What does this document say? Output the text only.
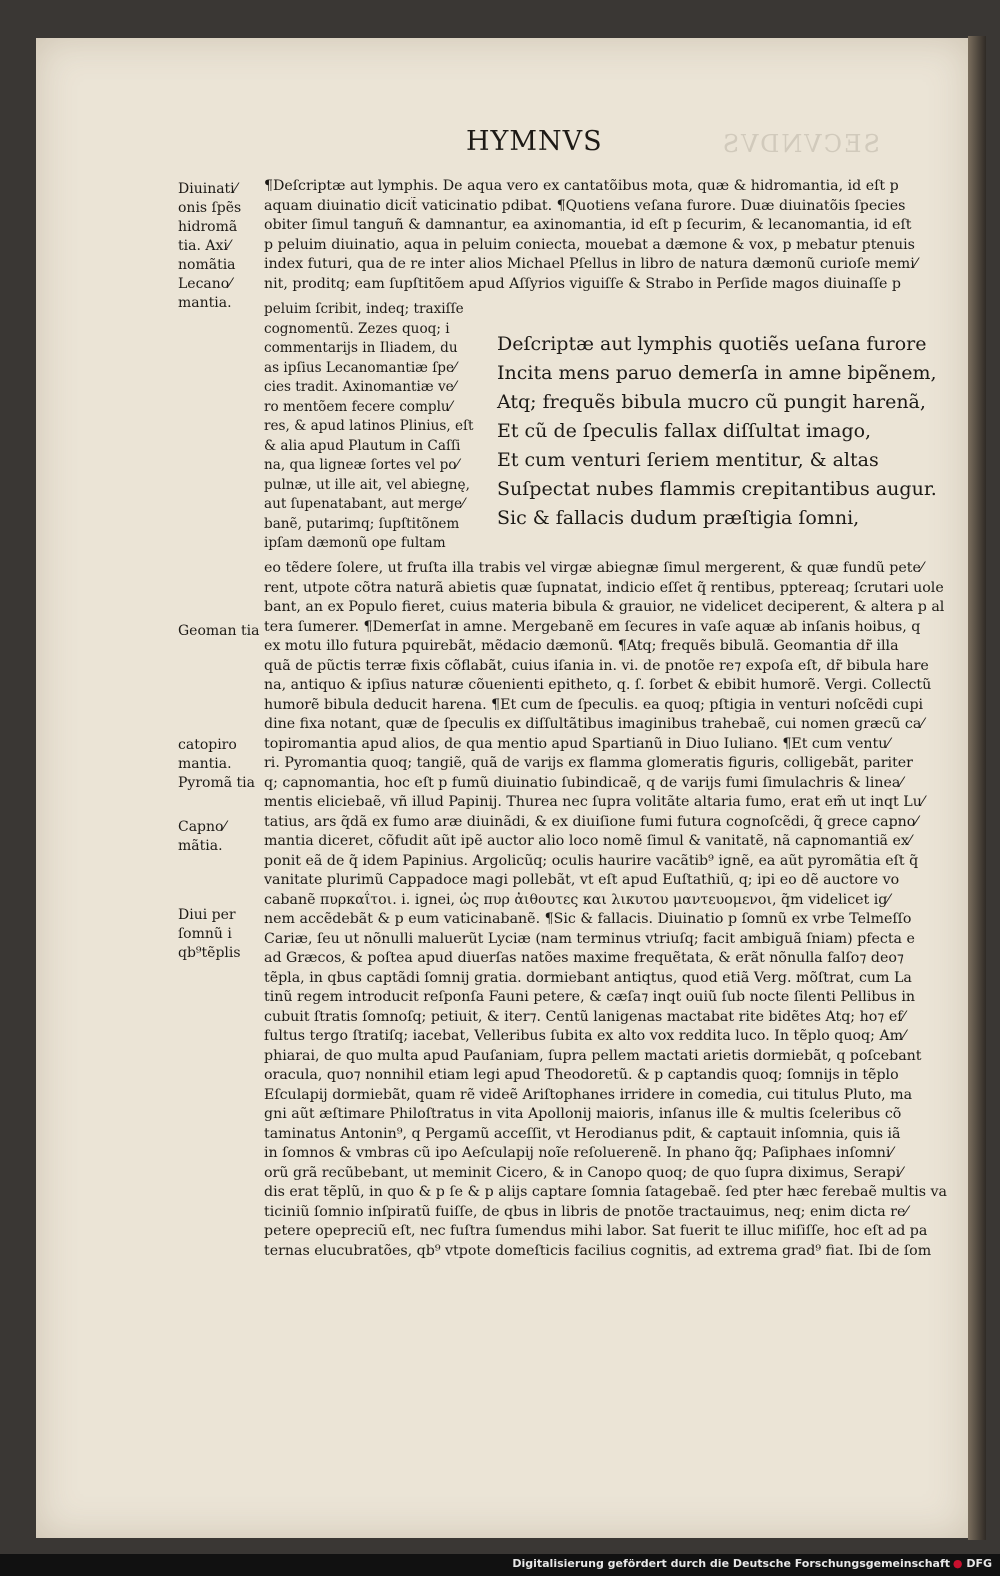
SECVNDVS
HYMNVS
Diuinati⁄ onis ſpẽs hidromã tia. Axi⁄ nomãtia Lecano⁄ mantia.
Geoman tia
catopiro mantia. Pyromã tia
Capno⁄ mãtia.
Diui per ſomnũ i qb⁹tẽplis
¶Deſcriptæ aut lymphis. De aqua vero ex cantatõibus mota, quæ & hidromantia, id eſt p
aquam diuinatio dicit̃ vaticinatio pdibat. ¶Quotiens veſana furore. Duæ diuinatõis ſpecies
obiter ſimul tanguñ & damnantur, ea axinomantia, id eſt p ſecurim, & lecanomantia, id eſt
p peluim diuinatio, aqua in peluim coniecta, mouebat a dæmone & vox, p mebatur ptenuis
index futuri, qua de re inter alios Michael Pſellus in libro de natura dæmonũ curioſe memi⁄
nit, proditq; eam ſupſtitõem apud Aſſyrios viguiſſe & Strabo in Perſide magos diuinaſſe p
peluim ſcribit, indeq; traxiſſe
cognomentũ. Zezes quoq; i
commentarijs in Iliadem, du
as ipſius Lecanomantiæ ſpe⁄
cies tradit. Axinomantiæ ve⁄
ro mentõem fecere complu⁄
res, & apud latinos Plinius, eſt
& alia apud Plautum in Caſſi
na, qua ligneæ ſortes vel po⁄
pulnæ, ut ille ait, vel abiegnę,
aut ſupenatabant, aut merge⁄
banẽ, putarimq; ſupſtitõnem
ipſam dæmonũ ope fultam
Deſcriptæ aut lymphis quotiẽs ueſana furore
Incita mens paruo demerſa in amne bipẽnem,
Atq; frequẽs bibula mucro cũ pungit harenã,
Et cũ de ſpeculis fallax diſſultat imago,
Et cum venturi ſeriem mentitur, & altas
Suſpectat nubes flammis crepitantibus augur.
Sic & fallacis dudum præſtigia ſomni,
eo tẽdere ſolere, ut fruſta illa trabis vel virgæ abiegnæ ſimul mergerent, & quæ fundũ pete⁄
rent, utpote cõtra naturã abietis quæ ſupnatat, indicio eſſet q̃ rentibus, pptereaq; ſcrutari uole
bant, an ex Populo fieret, cuius materia bibula & grauior, ne videlicet deciperent, & altera p al
tera ſumerer. ¶Demerſat in amne. Mergebanẽ em ſecures in vaſe aquæ ab inſanis hoibus, q
ex motu illo futura pquirebãt, mẽdacio dæmonũ. ¶Atq; frequẽs bibulã. Geomantia dr̃ illa
quã de pũctis terræ fixis cõflabãt, cuius iſania in. vi. de pnotõe re⁊ expoſa eſt, dr̃ bibula hare
na, antiquo & ipſius naturæ cõuenienti epitheto, q. ſ. ſorbet & ebibit humorẽ. Vergi. Collectũ
humorẽ bibula deducit harena. ¶Et cum de ſpeculis. ea quoq; pſtigia in venturi noſcẽdi cupi
dine fixa notant, quæ de ſpeculis ex diſſultãtibus imaginibus trahebaẽ, cui nomen græcũ ca⁄
topiromantia apud alios, de qua mentio apud Spartianũ in Diuo Iuliano. ¶Et cum ventu⁄
ri. Pyromantia quoq; tangiẽ, quã de varijs ex flamma glomeratis figuris, colligebãt, pariter
q; capnomantia, hoc eſt p fumũ diuinatio ſubindicaẽ, q de varijs fumi ſimulachris & linea⁄
mentis eliciebaẽ, vñ illud Papinij. Thurea nec ſupra volitãte altaria fumo, erat em̃ ut inqt Lu⁄
tatius, ars q̃dã ex fumo aræ diuinãdi, & ex diuiſione fumi futura cognoſcẽdi, q̃ grece capno⁄
mantia diceret, cõfudit aũt ipẽ auctor alio loco nomẽ ſimul & vanitatẽ, nã capnomantiã ex⁄
ponit eã de q̃ idem Papinius. Argolicũq; oculis haurire vacãtib⁹ ignẽ, ea aũt pyromãtia eſt q̃
vanitate plurimũ Cappadoce magi pollebãt, vt eſt apud Euſtathiũ, q; ipi eo dẽ auctore vo
cabanẽ πυρκαΐτοι. i. ignei, ὡς πυρ ἀιθουτες και λικυτου μαντευομενοι, q̃m videlicet ig⁄
nem accẽdebãt & p eum vaticinabanẽ. ¶Sic & fallacis. Diuinatio p ſomnũ ex vrbe Telmeſſo
Cariæ, ſeu ut nõnulli maluerũt Lyciæ (nam terminus vtriuſq; facit ambiguã ſniam) pfecta e
ad Græcos, & poſtea apud diuerſas natões maxime frequẽtata, & erãt nõnulla falſo⁊ deo⁊
tẽpla, in qbus captãdi ſomnij gratia. dormiebant antiqtus, quod etiã Verg. mõſtrat, cum La
tinũ regem introducit reſponſa Fauni petere, & cæſa⁊ inqt ouiũ ſub nocte ſilenti Pellibus in
cubuit ſtratis ſomnoſq; petiuit, & iter⁊. Centũ lanigenas mactabat rite bidẽtes Atq; ho⁊ ef⁄
fultus tergo ſtratiſq; iacebat, Velleribus ſubita ex alto vox reddita luco. In tẽplo quoq; Am⁄
phiarai, de quo multa apud Pauſaniam, ſupra pellem mactati arietis dormiebãt, q poſcebant
oracula, quo⁊ nonnihil etiam legi apud Theodoretũ. & p captandis quoq; ſomnijs in tẽplo
Eſculapij dormiebãt, quam rẽ videẽ Ariſtophanes irridere in comedia, cui titulus Pluto, ma
gni aũt æſtimare Philoſtratus in vita Apollonij maioris, inſanus ille & multis ſceleribus cõ
taminatus Antonin⁹, q Pergamũ acceſſit, vt Herodianus pdit, & captauit inſomnia, quis iã
in ſomnos & vmbras cũ ipo Aeſculapij noĩe reſoluerenẽ. In phano q̃q; Paſiphaes inſomni⁄
orũ grã recũbebant, ut meminit Cicero, & in Canopo quoq; de quo ſupra diximus, Serapi⁄
dis erat tẽplũ, in quo & p ſe & p alijs captare ſomnia ſatagebaẽ. ſed pter hæc ferebaẽ multis va
ticiniũ ſomnio inſpiratũ fuiſſe, de qbus in libris de pnotõe tractauimus, neq; enim dicta re⁄
petere opepreciũ eſt, nec fuſtra ſumendus mihi labor. Sat fuerit te illuc miſiſſe, hoc eſt ad pa
ternas elucubratões, qb⁹ vtpote domeſticis facilius cognitis, ad extrema grad⁹ fiat. Ibi de ſom
Digitalisierung gefördert durch die Deutsche Forschungsgemeinschaft ● DFG
